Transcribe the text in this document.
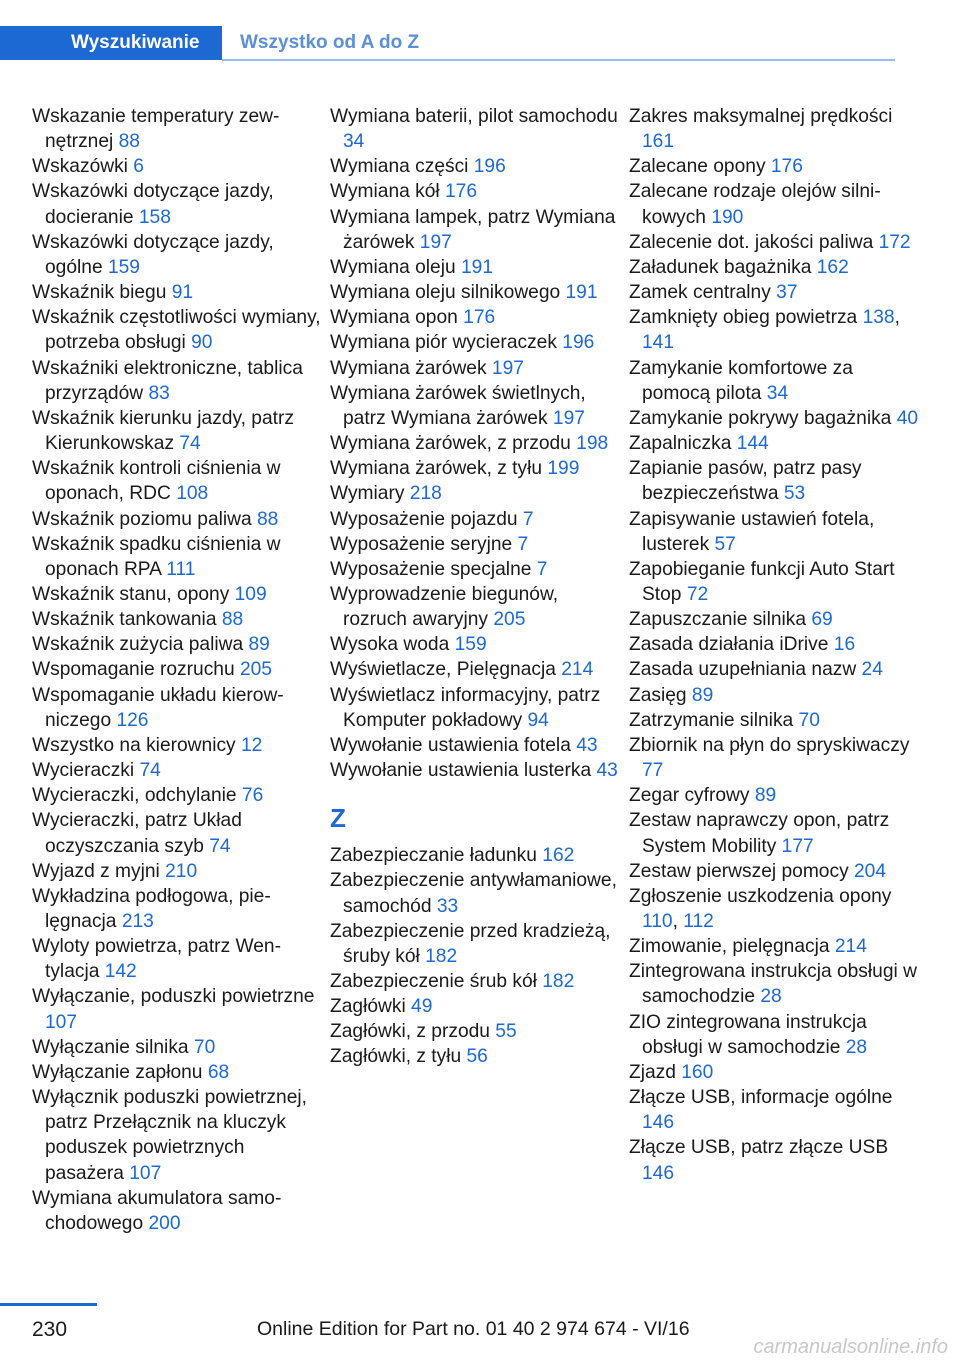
Wyszukiwanie	Wszystko od A do Z
Wskazanie temperatury zewnętrznej 88
Wskazówki 6
Wskazówki dotyczące jazdy, docieranie 158
Wskazówki dotyczące jazdy, ogólne 159
Wskaźnik biegu 91
Wskaźnik częstotliwości wymiany, potrzeba obsługi 90
Wskaźniki elektroniczne, tablica przyrządów 83
Wskaźnik kierunku jazdy, patrz Kierunkowskaz 74
Wskaźnik kontroli ciśnienia w oponach, RDC 108
Wskaźnik poziomu paliwa 88
Wskaźnik spadku ciśnienia w oponach RPA 111
Wskaźnik stanu, opony 109
Wskaźnik tankowania 88
Wskaźnik zużycia paliwa 89
Wspomaganie rozruchu 205
Wspomaganie układu kierowniczego 126
Wszystko na kierownicy 12
Wycieraczki 74
Wycieraczki, odchylanie 76
Wycieraczki, patrz Układ oczyszczania szyb 74
Wyjazd z myjni 210
Wykładzina podłogowa, pielęgnacja 213
Wyloty powietrza, patrz Wentylacja 142
Wyłączanie, poduszki powietrzne 107
Wyłączanie silnika 70
Wyłączanie zapłonu 68
Wyłącznik poduszki powietrznej, patrz Przełącznik na kluczyk poduszek powietrznych pasażera 107
Wymiana akumulatora samochodowego 200
Wymiana baterii, pilot samochodu 34
Wymiana części 196
Wymiana kół 176
Wymiana lampek, patrz Wymiana żarówek 197
Wymiana oleju 191
Wymiana oleju silnikowego 191
Wymiana opon 176
Wymiana piór wycieraczek 196
Wymiana żarówek 197
Wymiana żarówek świetlnych, patrz Wymiana żarówek 197
Wymiana żarówek, z przodu 198
Wymiana żarówek, z tyłu 199
Wymiary 218
Wyposażenie pojazdu 7
Wyposażenie seryjne 7
Wyposażenie specjalne 7
Wyprowadzenie biegunów, rozruch awaryjny 205
Wysoka woda 159
Wyświetlacze, Pielęgnacja 214
Wyświetlacz informacyjny, patrz Komputer pokładowy 94
Wywołanie ustawienia fotela 43
Wywołanie ustawienia lusterka 43
Z
Zabezpieczanie ładunku 162
Zabezpieczenie antywłamaniowe, samochód 33
Zabezpieczenie przed kradzieżą, śruby kół 182
Zabezpieczenie śrub kół 182
Zagłówki 49
Zagłówki, z przodu 55
Zagłówki, z tyłu 56
Zakres maksymalnej prędkości 161
Zalecane opony 176
Zalecane rodzaje olejów silnikowych 190
Zalecenie dot. jakości paliwa 172
Załadunek bagażnika 162
Zamek centralny 37
Zamknięty obieg powietrza 138, 141
Zamykanie komfortowe za pomocą pilota 34
Zamykanie pokrywy bagażnika 40
Zapalniczka 144
Zapianie pasów, patrz pasy bezpieczeństwa 53
Zapisywanie ustawień fotela, lusterek 57
Zapobieganie funkcji Auto Start Stop 72
Zapuszczanie silnika 69
Zasada działania iDrive 16
Zasada uzupełniania nazw 24
Zasięg 89
Zatrzymanie silnika 70
Zbiornik na płyn do spryskiwaczy 77
Zegar cyfrowy 89
Zestaw naprawczy opon, patrz System Mobility 177
Zestaw pierwszej pomocy 204
Zgłoszenie uszkodzenia opony 110, 112
Zimowanie, pielęgnacja 214
Zintegrowana instrukcja obsługi w samochodzie 28
ZIO zintegrowana instrukcja obsługi w samochodzie 28
Zjazd 160
Złącze USB, informacje ogólne 146
Złącze USB, patrz złącze USB 146
230	Online Edition for Part no. 01 40 2 974 674 - VI/16
carmanualsonline.info
